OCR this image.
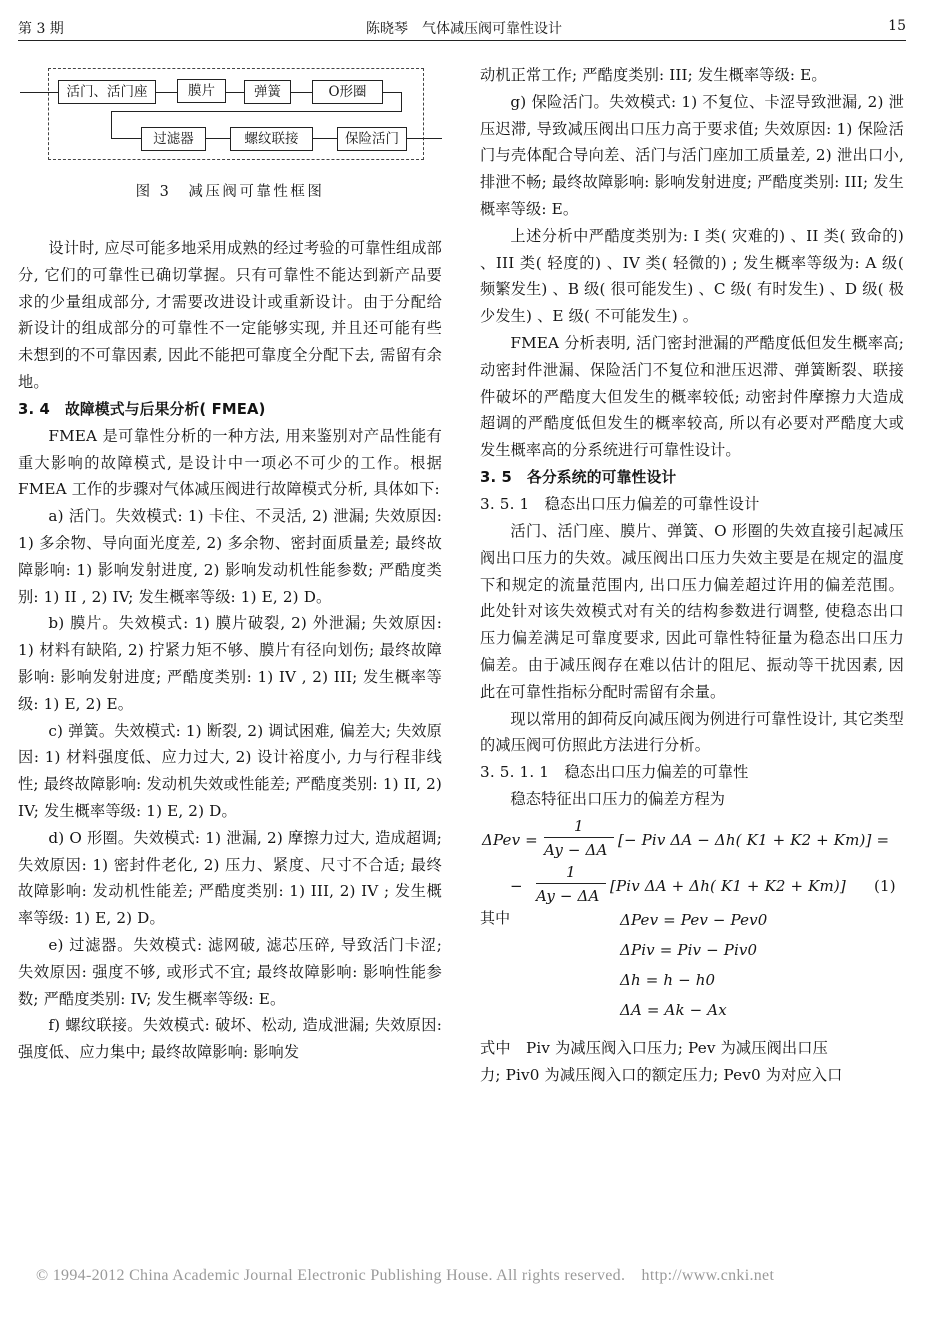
第 3 期	陈晓琴　气体减压阀可靠性设计	15
活门、活门座	膜片	弹簧	O形圈
过滤器	螺纹联接	保险活门
图 3　减压阀可靠性框图

设计时, 应尽可能多地采用成熟的经过考验的可靠性组成部分, 它们的可靠性已确切掌握。只有可靠性不能达到新产品要求的少量组成部分, 才需要改进设计或重新设计。由于分配给新设计的组成部分的可靠性不一定能够实现, 并且还可能有些未想到的不可靠因素, 因此不能把可靠度全分配下去, 需留有余地。

3. 4　故障模式与后果分析( FMEA)

FMEA 是可靠性分析的一种方法, 用来鉴别对产品性能有重大影响的故障模式, 是设计中一项必不可少的工作。根据 FMEA 工作的步骤对气体减压阀进行故障模式分析, 具体如下:

a) 活门。失效模式: 1) 卡住、不灵活, 2) 泄漏; 失效原因: 1) 多余物、导向面光度差, 2) 多余物、密封面质量差; 最终故障影响: 1) 影响发射进度, 2) 影响发动机性能参数; 严酷度类别: 1) II , 2) IV; 发生概率等级: 1) E, 2) D。

b) 膜片。失效模式: 1) 膜片破裂, 2) 外泄漏; 失效原因: 1) 材料有缺陷, 2) 拧紧力矩不够、膜片有径向划伤; 最终故障影响: 影响发射进度; 严酷度类别: 1) IV , 2) III; 发生概率等级: 1) E, 2) E。

c) 弹簧。失效模式: 1) 断裂, 2) 调试困难, 偏差大; 失效原因: 1) 材料强度低、应力过大, 2) 设计裕度小, 力与行程非线性; 最终故障影响: 发动机失效或性能差; 严酷度类别: 1) II, 2) IV; 发生概率等级: 1) E, 2) D。

d) O 形圈。失效模式: 1) 泄漏, 2) 摩擦力过大, 造成超调; 失效原因: 1) 密封件老化, 2) 压力、紧度、尺寸不合适; 最终故障影响: 发动机性能差; 严酷度类别: 1) III, 2) IV ; 发生概率等级: 1) E, 2) D。

e) 过滤器。失效模式: 滤网破, 滤芯压碎, 导致活门卡涩; 失效原因: 强度不够, 或形式不宜; 最终故障影响: 影响性能参数; 严酷度类别: IV; 发生概率等级: E。

f) 螺纹联接。失效模式: 破坏、松动, 造成泄漏; 失效原因: 强度低、应力集中; 最终故障影响: 影响发

动机正常工作; 严酷度类别: III; 发生概率等级: E。

g) 保险活门。失效模式: 1) 不复位、卡涩导致泄漏, 2) 泄压迟滞, 导致减压阀出口压力高于要求值; 失效原因: 1) 保险活门与壳体配合导向差、活门与活门座加工质量差, 2) 泄出口小, 排泄不畅; 最终故障影响: 影响发射进度; 严酷度类别: III; 发生概率等级: E。

上述分析中严酷度类别为: I 类( 灾难的) 、II 类( 致命的) 、III 类( 轻度的) 、IV 类( 轻微的) ; 发生概率等级为: A 级( 频繁发生) 、B 级( 很可能发生) 、C 级( 有时发生) 、D 级( 极少发生) 、E 级( 不可能发生) 。

FMEA 分析表明, 活门密封泄漏的严酷度低但发生概率高; 动密封件泄漏、保险活门不复位和泄压迟滞、弹簧断裂、联接件破坏的严酷度大但发生的概率较低; 动密封件摩擦力大造成超调的严酷度低但发生的概率较高, 所以有必要对严酷度大或发生概率高的分系统进行可靠性设计。

3. 5　各分系统的可靠性设计

3. 5. 1　稳态出口压力偏差的可靠性设计

活门、活门座、膜片、弹簧、O 形圈的失效直接引起减压阀出口压力的失效。减压阀出口压力失效主要是在规定的温度下和规定的流量范围内, 出口压力偏差超过许用的偏差范围。此处针对该失效模式对有关的结构参数进行调整, 使稳态出口压力偏差满足可靠度要求, 因此可靠性特征量为稳态出口压力偏差。由于减压阀存在难以估计的阻尼、振动等干扰因素, 因此在可靠性指标分配时需留有余量。

现以常用的卸荷反向减压阀为例进行可靠性设计, 其它类型的减压阀可仿照此方法进行分析。

3. 5. 1. 1　稳态出口压力偏差的可靠性

稳态特征出口压力的偏差方程为

ΔPev =
1
Ay − ΔA
[− Piv ΔA − Δh( K1 + K2 + Km)] =
−
1
Ay − ΔA
[Piv ΔA + Δh( K1 + K2 + Km)] (1)
其中	ΔPev = Pev − Pev0
ΔPiv = Piv − Piv0
Δh = h − h0
ΔA = Ak − Ax

式中　Piv 为减压阀入口压力; Pev 为减压阀出口压

力; Piv0 为减压阀入口的额定压力; Pev0 为对应入口

© 1994-2012 China Academic Journal Electronic Publishing House. All rights reserved.　http://www.cnki.net
